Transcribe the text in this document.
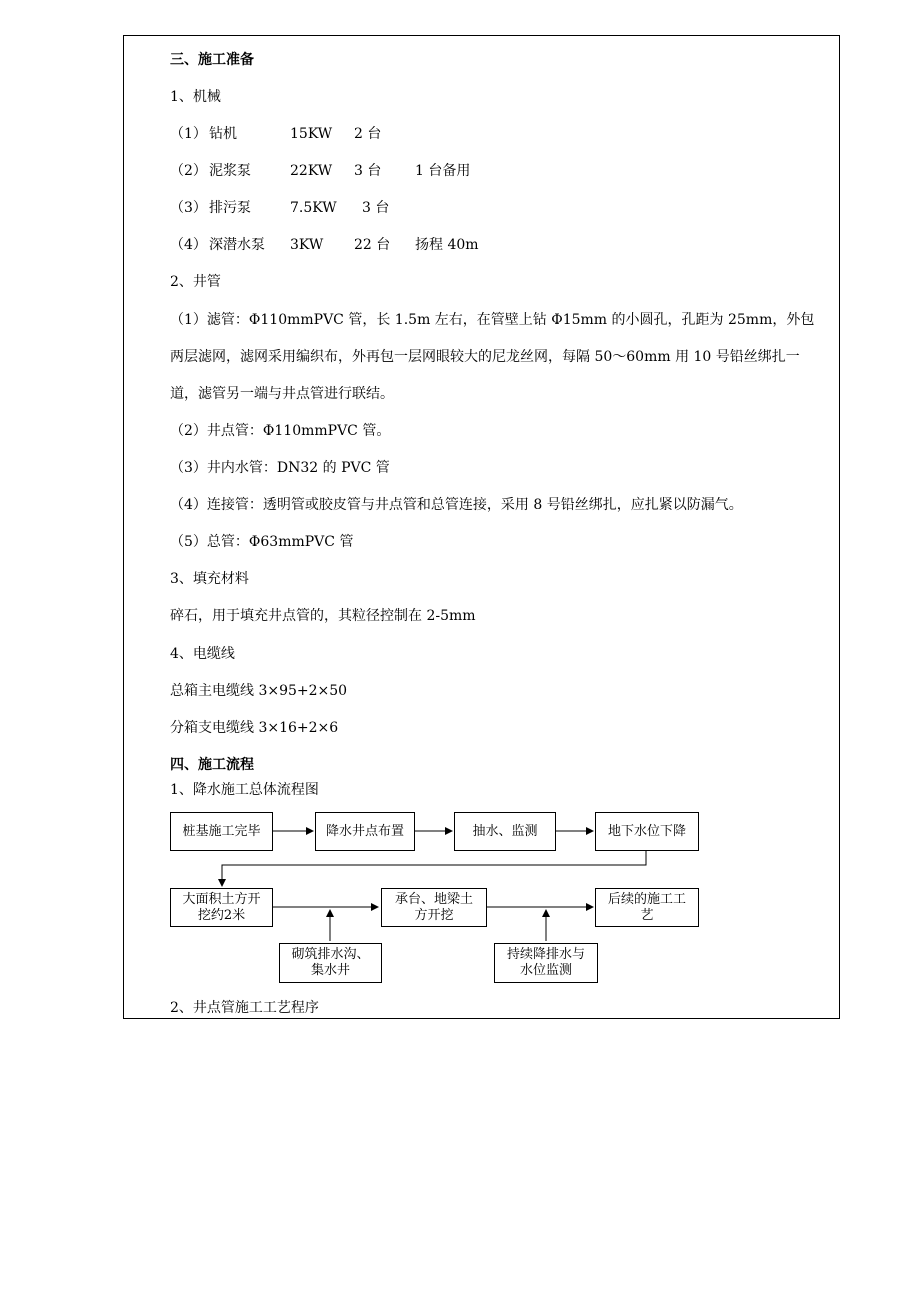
三、施工准备
1、机械
（1） 钻机	15KW 2 台
（2） 泥浆泵	22KW 3 台 1 台备用
（3） 排污泵	7.5KW 3 台
（4） 深潜水泵 3KW 22 台 扬程 40m
2、井管
（1）滤管：Φ110mmPVC 管，长 1.5m 左右，在管壁上钻 Φ15mm 的小圆孔，孔距为 25mm，外包
两层滤网，滤网采用编织布，外再包一层网眼较大的尼龙丝网，每隔 50～60mm 用 10 号铅丝绑扎一
道，滤管另一端与井点管进行联结。
（2）井点管：Φ110mmPVC 管。
（3）井内水管：DN32 的 PVC 管
（4）连接管：透明管或胶皮管与井点管和总管连接，采用 8 号铅丝绑扎，应扎紧以防漏气。
（5）总管：Φ63mmPVC 管
3、填充材料
碎石，用于填充井点管的，其粒径控制在 2-5mm
4、电缆线
总箱主电缆线 3×95+2×50
分箱支电缆线 3×16+2×6
四、施工流程
1、降水施工总体流程图
桩基施工完毕	降水井点布置	抽水、监测	地下水位下降
大面积土方开
挖约2米
承台、地梁土
方开挖
后续的施工工
艺
砌筑排水沟、
集水井
持续降排水与
水位监测
2、井点管施工工艺程序
